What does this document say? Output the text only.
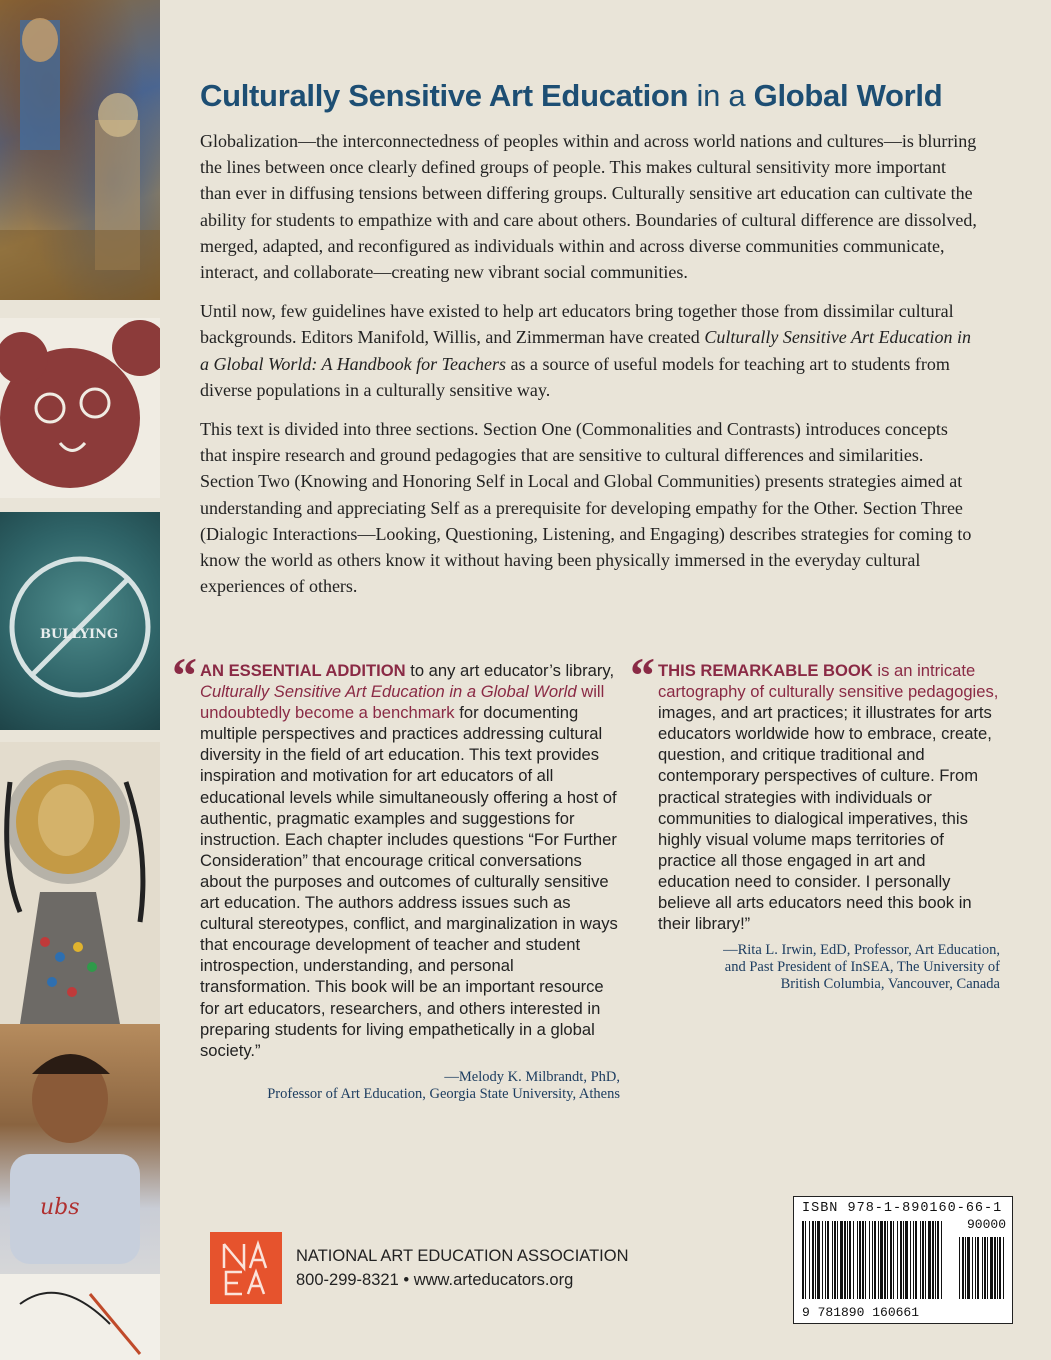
BULLYING
ubs
Culturally Sensitive Art Education in a Global World

Globalization—the interconnectedness of peoples within and across world nations and cultures—is blurring the lines between once clearly defined groups of people. This makes cultural sensitivity more important than ever in diffusing tensions between differing groups. Culturally sensitive art education can cultivate the ability for students to empathize with and care about others. Boundaries of cultural difference are dissolved, merged, adapted, and reconfigured as individuals within and across diverse communities communicate, interact, and collaborate—creating new vibrant social communities.

Until now, few guidelines have existed to help art educators bring together those from dissimilar cultural backgrounds. Editors Manifold, Willis, and Zimmerman have created Culturally Sensitive Art Education in a Global World: A Handbook for Teachers as a source of useful models for teaching art to students from diverse populations in a culturally sensitive way.

This text is divided into three sections. Section One (Commonalities and Contrasts) introduces concepts that inspire research and ground pedagogies that are sensitive to cultural differences and similarities. Section Two (Knowing and Honoring Self in Local and Global Communities) presents strategies aimed at understanding and appreciating Self as a prerequisite for developing empathy for the Other. Section Three (Dialogic Interactions—Looking, Questioning, Listening, and Engaging) describes strategies for coming to know the world as others know it without having been physically immersed in the everyday cultural experiences of others.

“ AN ESSENTIAL ADDITION to any art educator’s library, Culturally Sensitive Art Education in a Global World will undoubtedly become a benchmark for documenting multiple perspectives and practices addressing cultural diversity in the field of art education. This text provides inspiration and motivation for art educators of all educational levels while simultaneously offering a host of authentic, pragmatic examples and suggestions for instruction. Each chapter includes questions “For Further Consideration” that encourage critical conversations about the purposes and outcomes of culturally sensitive art education. The authors address issues such as cultural stereotypes, conflict, and marginalization in ways that encourage development of teacher and student introspection, understanding, and personal transformation. This book will be an important resource for art educators, researchers, and others interested in preparing students for living empathetically in a global society.”
—Melody K. Milbrandt, PhD,
Professor of Art Education, Georgia State University, Athens
“ THIS REMARKABLE BOOK is an intricate cartography of culturally sensitive pedagogies, images, and art practices; it illustrates for arts educators worldwide how to embrace, create, question, and critique traditional and contemporary perspectives of culture. From practical strategies with individuals or communities to dialogical imperatives, this highly visual volume maps territories of practice all those engaged in art and education need to consider. I personally believe all arts educators need this book in their library!”
—Rita L. Irwin, EdD, Professor, Art Education,
and Past President of InSEA, The University of
British Columbia, Vancouver, Canada
NATIONAL ART EDUCATION ASSOCIATION
800-299-8321 • www.arteducators.org
ISBN 978-1-890160-66-1
90000
9 781890 160661
